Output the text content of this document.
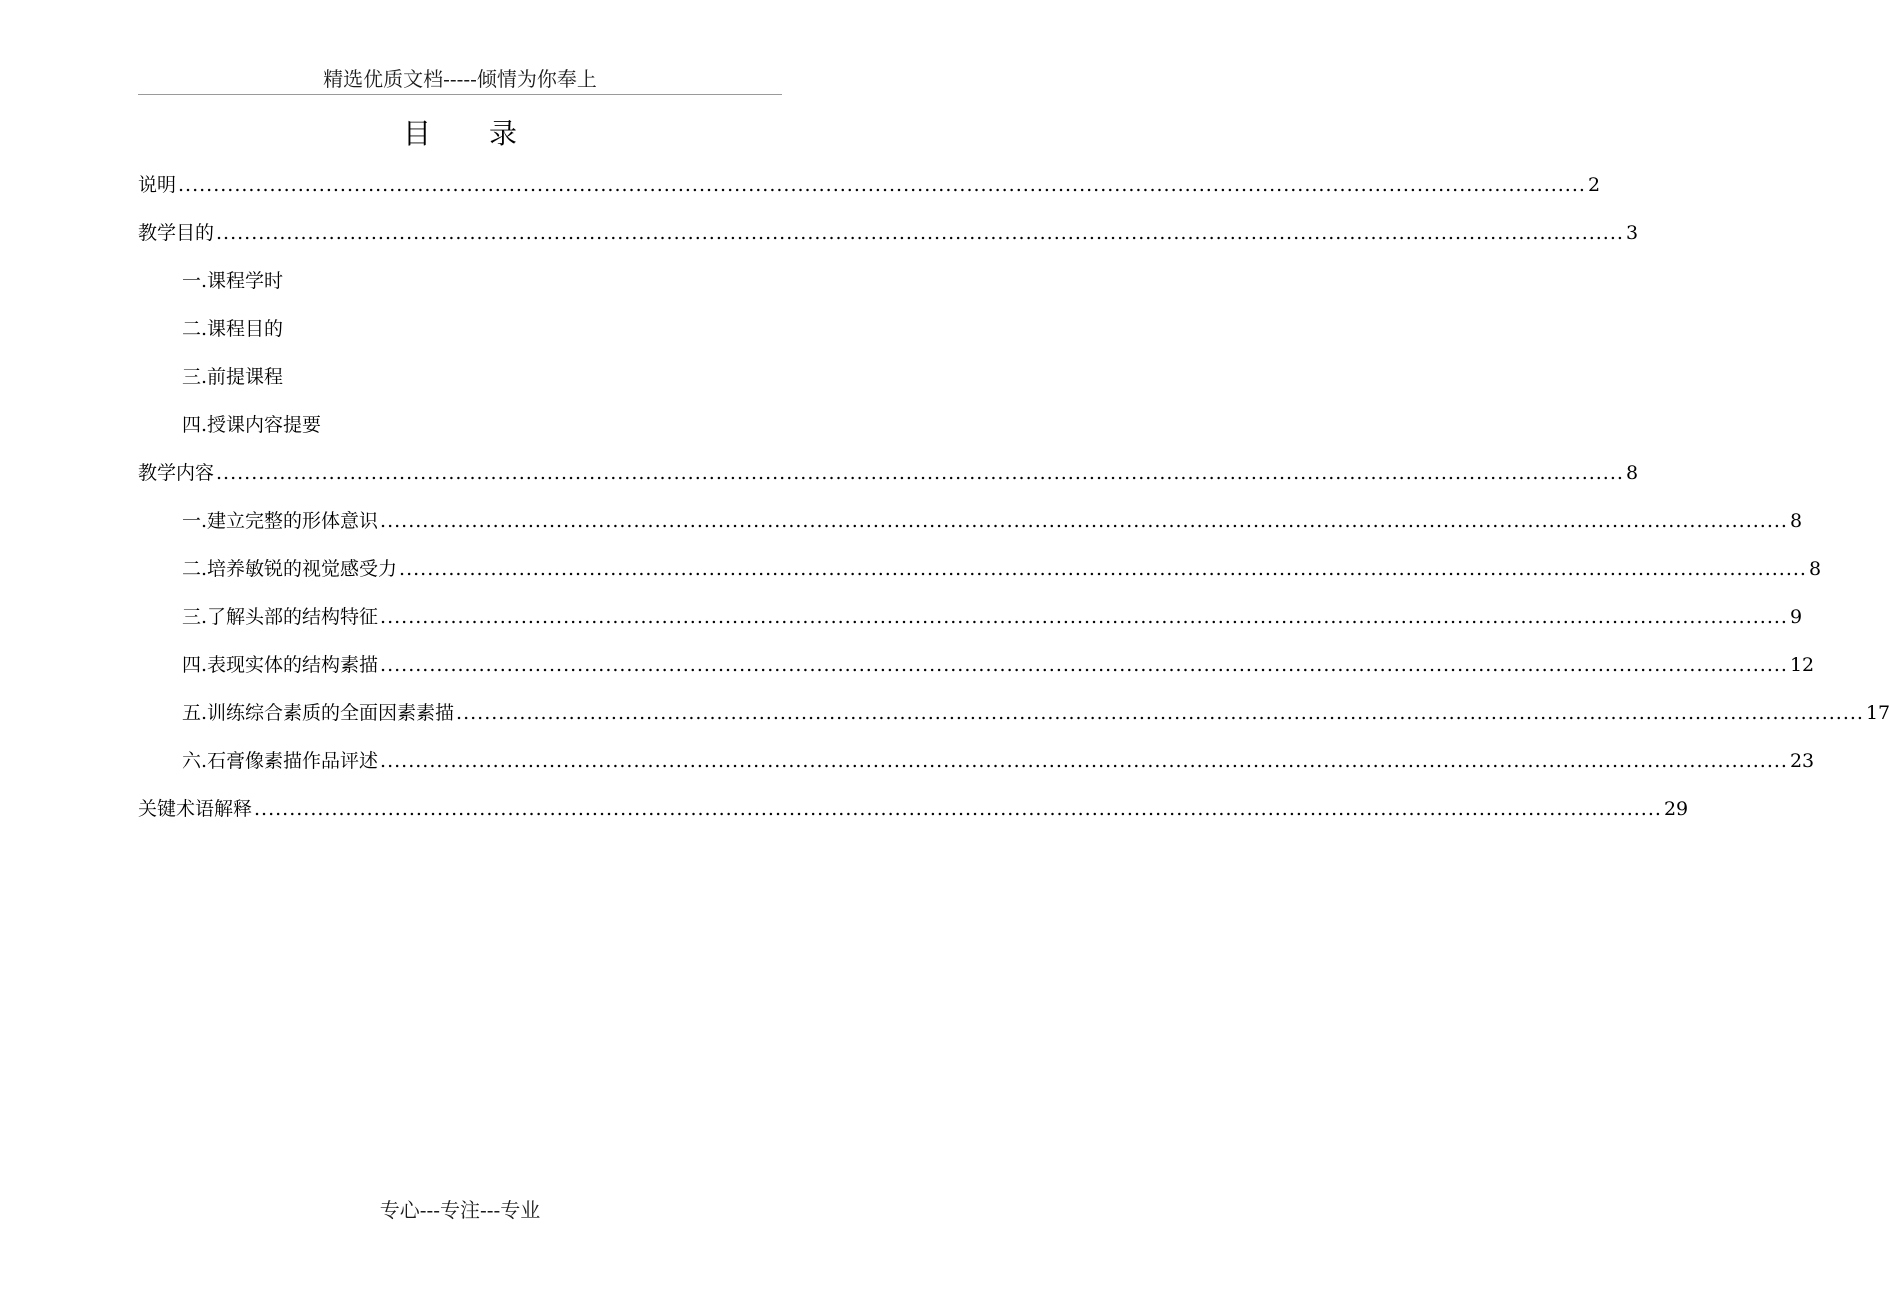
精选优质文档-----倾情为你奉上
目 录
说明 ........................................................................................................................................................................................................ 2
教学目的 ........................................................................................................................................................................................................ 3
一.课程学时
二.课程目的
三.前提课程
四.授课内容提要
教学内容 ........................................................................................................................................................................................................ 8
一.建立完整的形体意识 ........................................................................................................................................................................................................ 8
二.培养敏锐的视觉感受力 ........................................................................................................................................................................................................ 8
三.了解头部的结构特征 ........................................................................................................................................................................................................ 9
四.表现实体的结构素描 ........................................................................................................................................................................................................ 12
五.训练综合素质的全面因素素描 ........................................................................................................................................................................................................ 17
六.石膏像素描作品评述 ........................................................................................................................................................................................................ 23
关键术语解释 ........................................................................................................................................................................................................ 29
专心---专注---专业
